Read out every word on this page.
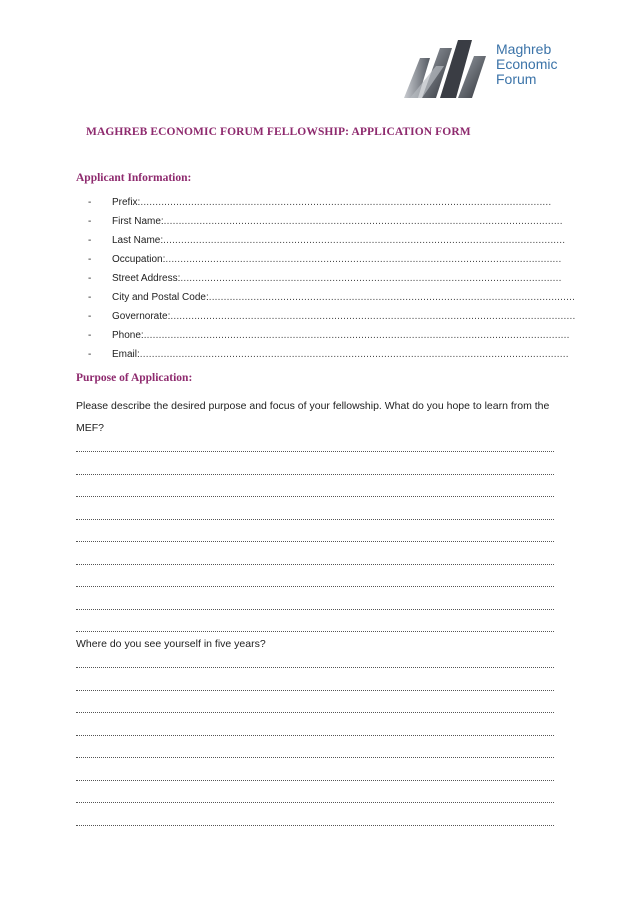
Maghreb
Economic
Forum
MAGHREB ECONOMIC FORUM FELLOWSHIP: APPLICATION FORM
Applicant Information:
-	Prefix: ..........................................................................................................................................
-	First Name: ......................................................................................................................................
-	Last Name: .......................................................................................................................................
-	Occupation: .....................................................................................................................................
-	Street Address: ................................................................................................................................
-	City and Postal Code: ...........................................................................................................................
-	Governorate: ........................................................................................................................................
-	Phone: ...............................................................................................................................................
-	Email: ................................................................................................................................................
Purpose of Application:

Please describe the desired purpose and focus of your fellowship. What do you hope to learn from the MEF?

Where do you see yourself in five years?
